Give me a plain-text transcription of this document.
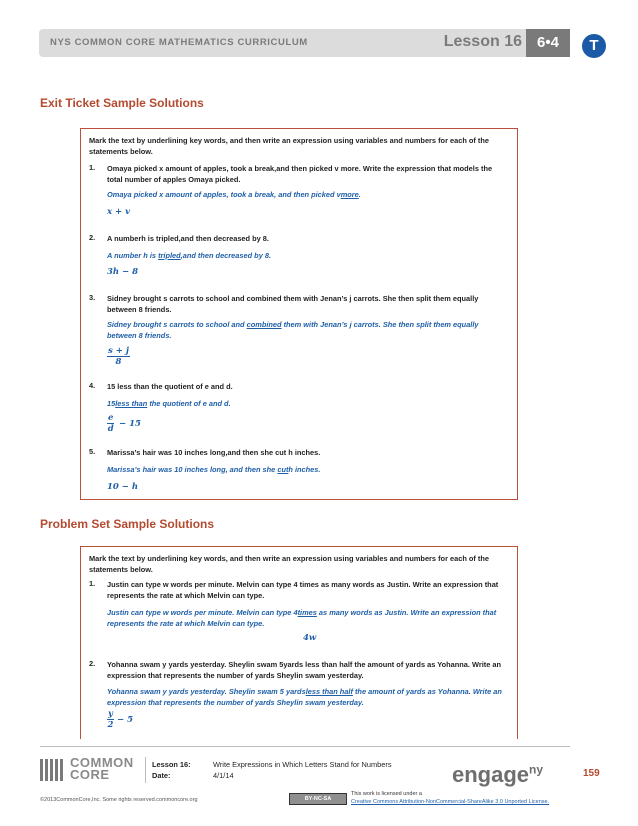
NYS COMMON CORE MATHEMATICS CURRICULUM	Lesson 16	6•4	T
Exit Ticket Sample Solutions
Mark the text by underlining key words, and then write an expression using variables and numbers for each of the statements below.
1. Omaya picked x amount of apples, took a break,and then picked v more. Write the expression that models the total number of apples Omaya picked.
Omaya picked x amount of apples, took a break, and then picked vmore.
x + v
2. A numberh is tripled,and then decreased by 8.
A number h is tripled,and then decreased by 8.
3h − 8
3. Sidney brought s carrots to school and combined them with Jenan’s j carrots. She then split them equally between 8 friends.
Sidney brought s carrots to school and combined them with Jenan’s j carrots. She then split them equally between 8 friends.
$\frac{s + j}{8}$
4. 15 less than the quotient of e and d.
15less than the quotient of e and d.
$\frac{e}{d} - 15$
5. Marissa’s hair was 10 inches long,and then she cut h inches.
Marissa’s hair was 10 inches long, and then she cuth inches.
10 − h
Problem Set Sample Solutions
Mark the text by underlining key words, and then write an expression using variables and numbers for each of the statements below.
1. Justin can type w words per minute. Melvin can type 4 times as many words as Justin. Write an expression that represents the rate at which Melvin can type.
Justin can type w words per minute. Melvin can type 4times as many words as Justin. Write an expression that represents the rate at which Melvin can type.
4w
2. Yohanna swam y yards yesterday. Sheylin swam 5yards less than half the amount of yards as Yohanna. Write an expression that represents the number of yards Sheylin swam yesterday.
Yohanna swam y yards yesterday. Sheylin swam 5 yardsless than half the amount of yards as Yohanna. Write an expression that represents the number of yards Sheylin swam yesterday.
$\frac{y}{2} - 5$
COMMON
CORE
Lesson 16:	Write Expressions in Which Letters Stand for Numbers
Date:	4/1/14	engage$^{ny}$	159
©2013CommonCore,Inc. Some rights reserved.commoncore.org	BY-NC-SA
This work is licensed under a
Creative Commons Attribution-NonCommercial-ShareAlike 3.0 Unported License.
